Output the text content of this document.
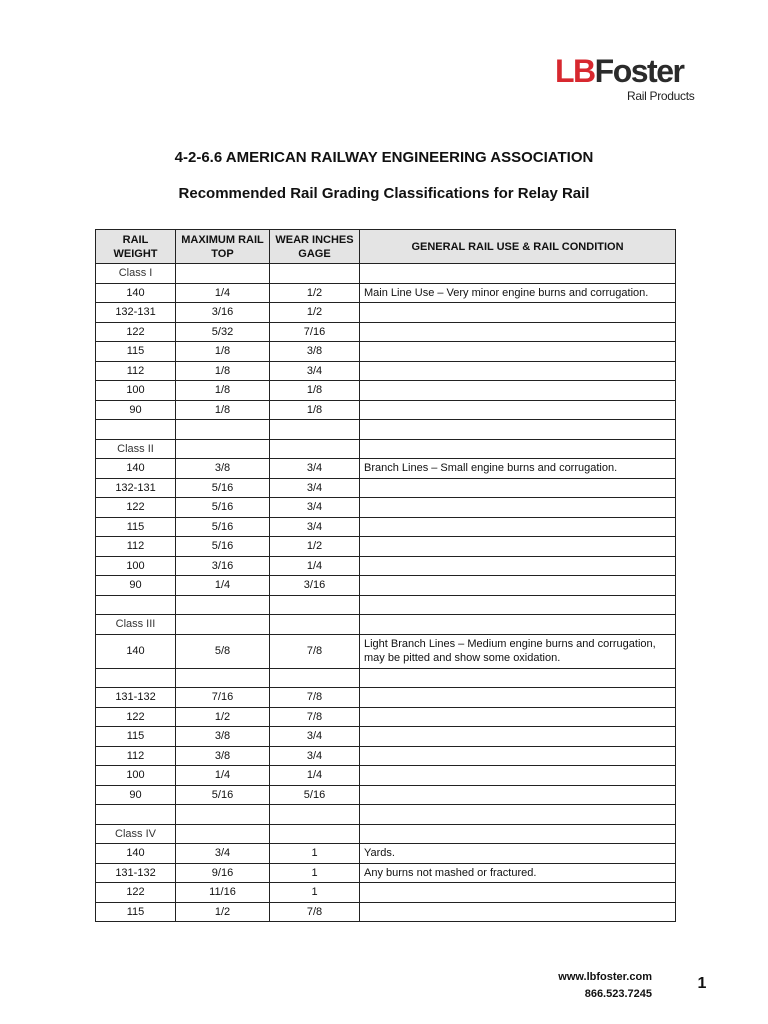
LBFoster
Rail Products
4-2-6.6 AMERICAN RAILWAY ENGINEERING ASSOCIATION
Recommended Rail Grading Classifications for Relay Rail
RAIL WEIGHT	MAXIMUM RAIL TOP	WEAR INCHES GAGE	GENERAL RAIL USE & RAIL CONDITION
Class I			
140	1/4	1/2	Main Line Use – Very minor engine burns and corrugation.
132-131	3/16	1/2	
122	5/32	7/16	
115	1/8	3/8	
112	1/8	3/4	
100	1/8	1/8	
90	1/8	1/8	

Class II			
140	3/8	3/4	Branch Lines – Small engine burns and corrugation.
132-131	5/16	3/4	
122	5/16	3/4	
115	5/16	3/4	
112	5/16	1/2	
100	3/16	1/4	
90	1/4	3/16	

Class III			
140	5/8	7/8	Light Branch Lines – Medium engine burns and corrugation, may be pitted and show some oxidation.

131-132	7/16	7/8	
122	1/2	7/8	
115	3/8	3/4	
112	3/8	3/4	
100	1/4	1/4	
90	5/16	5/16	

Class IV			
140	3/4	1	Yards.
131-132	9/16	1	Any burns not mashed or fractured.
122	11/16	1	
115	1/2	7/8	
www.lbfoster.com
866.523.7245
1
